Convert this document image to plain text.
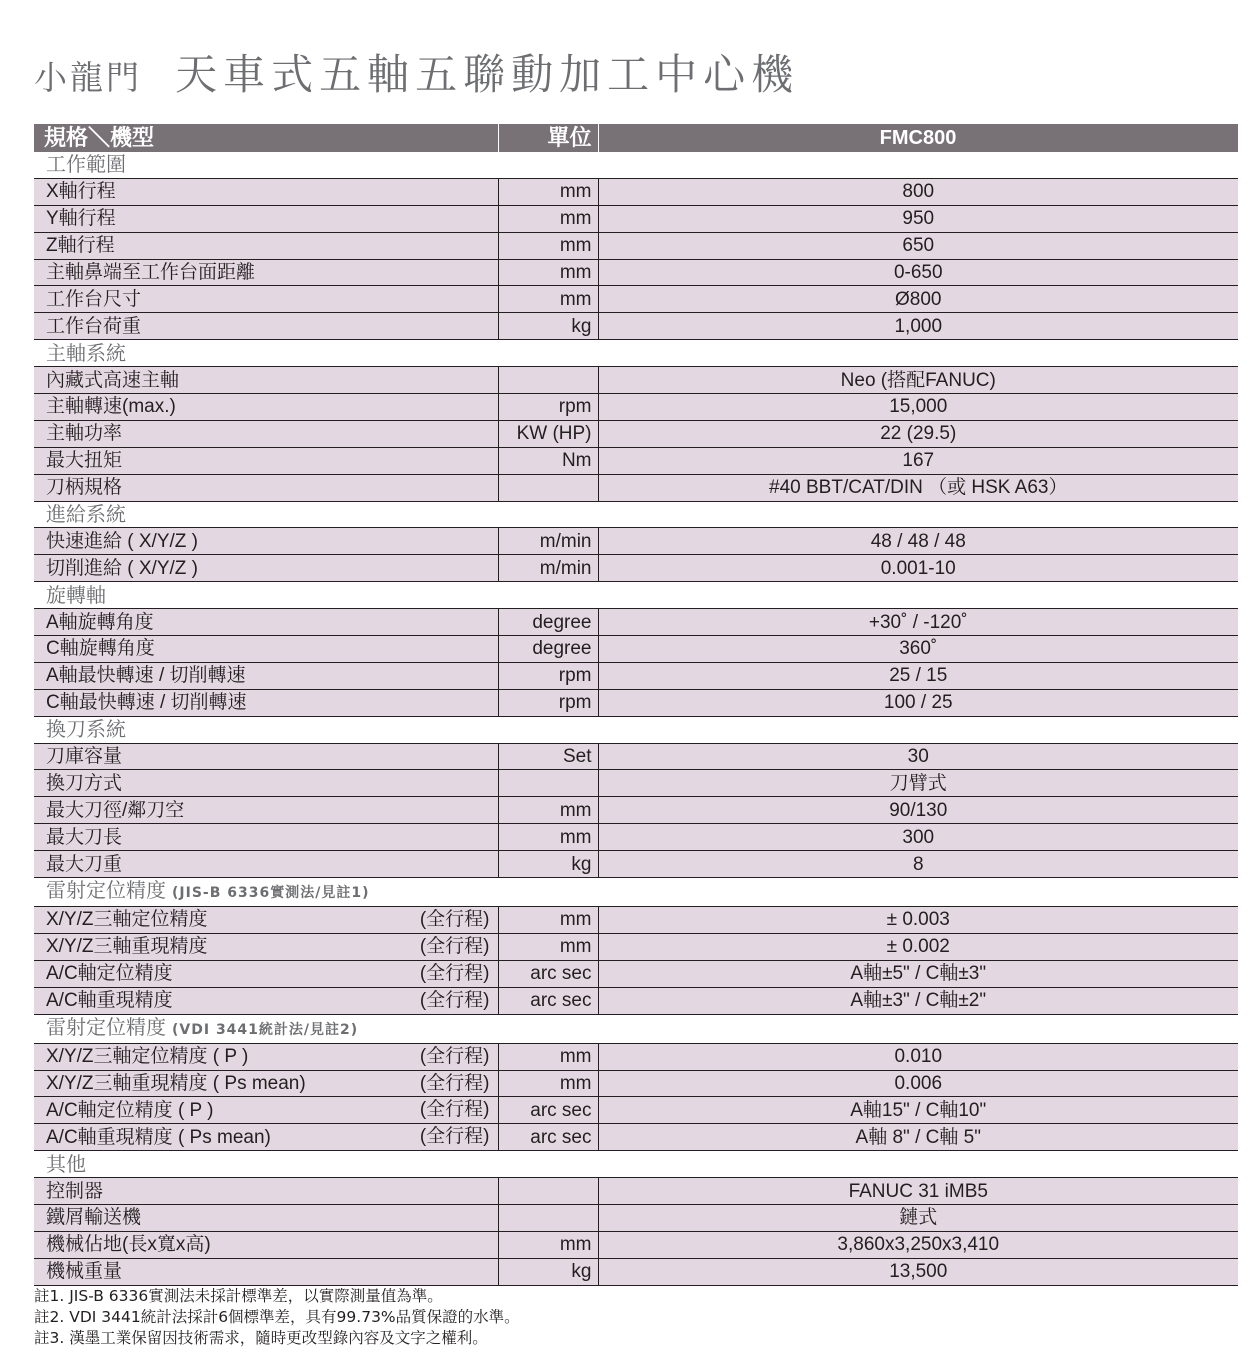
小龍門 天車式五軸五聯動加工中心機
規格＼機型	單位	FMC800
工作範圍		
X軸行程	mm	800
Y軸行程	mm	950
Z軸行程	mm	650
主軸鼻端至工作台面距離	mm	0-650
工作台尺寸	mm	Ø800
工作台荷重	kg	1,000
主軸系統		
內藏式高速主軸		Neo (搭配FANUC)
主軸轉速(max.)	rpm	15,000
主軸功率	KW (HP)	22 (29.5)
最大扭矩	Nm	167
刀柄規格		#40 BBT/CAT/DIN （或 HSK A63）
進給系統		
快速進給 ( X/Y/Z )	m/min	48 / 48 / 48
切削進給 ( X/Y/Z )	m/min	0.001-10
旋轉軸		
A軸旋轉角度	degree	+30˚ / -120˚
C軸旋轉角度	degree	360˚
A軸最快轉速 / 切削轉速	rpm	25 / 15
C軸最快轉速 / 切削轉速	rpm	100 / 25
換刀系統		
刀庫容量	Set	30
換刀方式		刀臂式
最大刀徑/鄰刀空	mm	90/130
最大刀長	mm	300
最大刀重	kg	8
雷射定位精度 (JIS-B 6336實測法/見註1)		
X/Y/Z三軸定位精度 (全行程)	mm	± 0.003
X/Y/Z三軸重現精度 (全行程)	mm	± 0.002
A/C軸定位精度 (全行程)	arc sec	A軸±5" / C軸±3"
A/C軸重現精度 (全行程)	arc sec	A軸±3" / C軸±2"
雷射定位精度 (VDI 3441統計法/見註2)		
X/Y/Z三軸定位精度 ( P ) (全行程)	mm	0.010
X/Y/Z三軸重現精度 ( Ps mean) (全行程)	mm	0.006
A/C軸定位精度 ( P ) (全行程)	arc sec	A軸15" / C軸10"
A/C軸重現精度 ( Ps mean) (全行程)	arc sec	A軸 8" / C軸 5"
其他		
控制器		FANUC 31 iMB5
鐵屑輸送機		鏈式
機械佔地(長x寬x高)	mm	3,860x3,250x3,410
機械重量	kg	13,500
註1. JIS-B 6336實測法未採計標準差，以實際測量值為準。
註2. VDI 3441統計法採計6個標準差，具有99.73%品質保證的水準。
註3. 漢墨工業保留因技術需求，隨時更改型錄內容及文字之權利。
